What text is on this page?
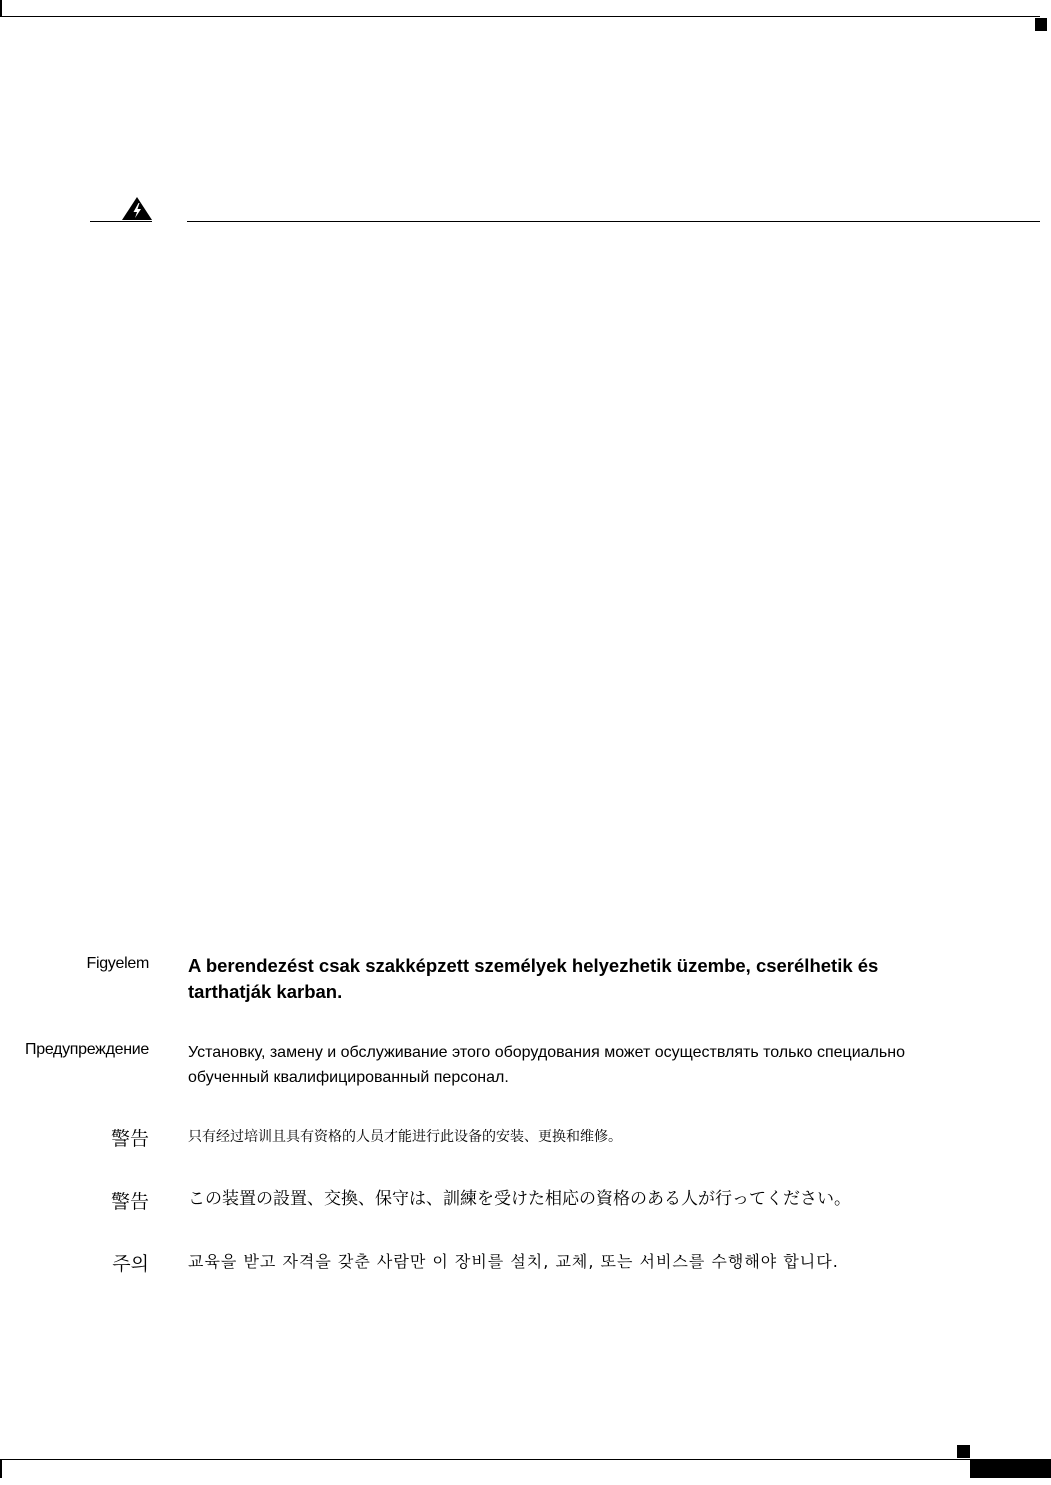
Figyelem A berendezést csak szakképzett személyek helyezhetik üzembe, cserélhetik és tarthatják karban.
Предупреждение Установку, замену и обслуживание этого оборудования может осуществлять только специально обученный квалифицированный персонал.
警告	只有经过培训且具有资格的人员才能进行此设备的安装、更换和维修。
警告 この装置の設置、交換、保守は、訓練を受けた相応の資格のある人が行ってください。
주의 교육을 받고 자격을 갖춘 사람만 이 장비를 설치, 교체, 또는 서비스를 수행해야 합니다.
